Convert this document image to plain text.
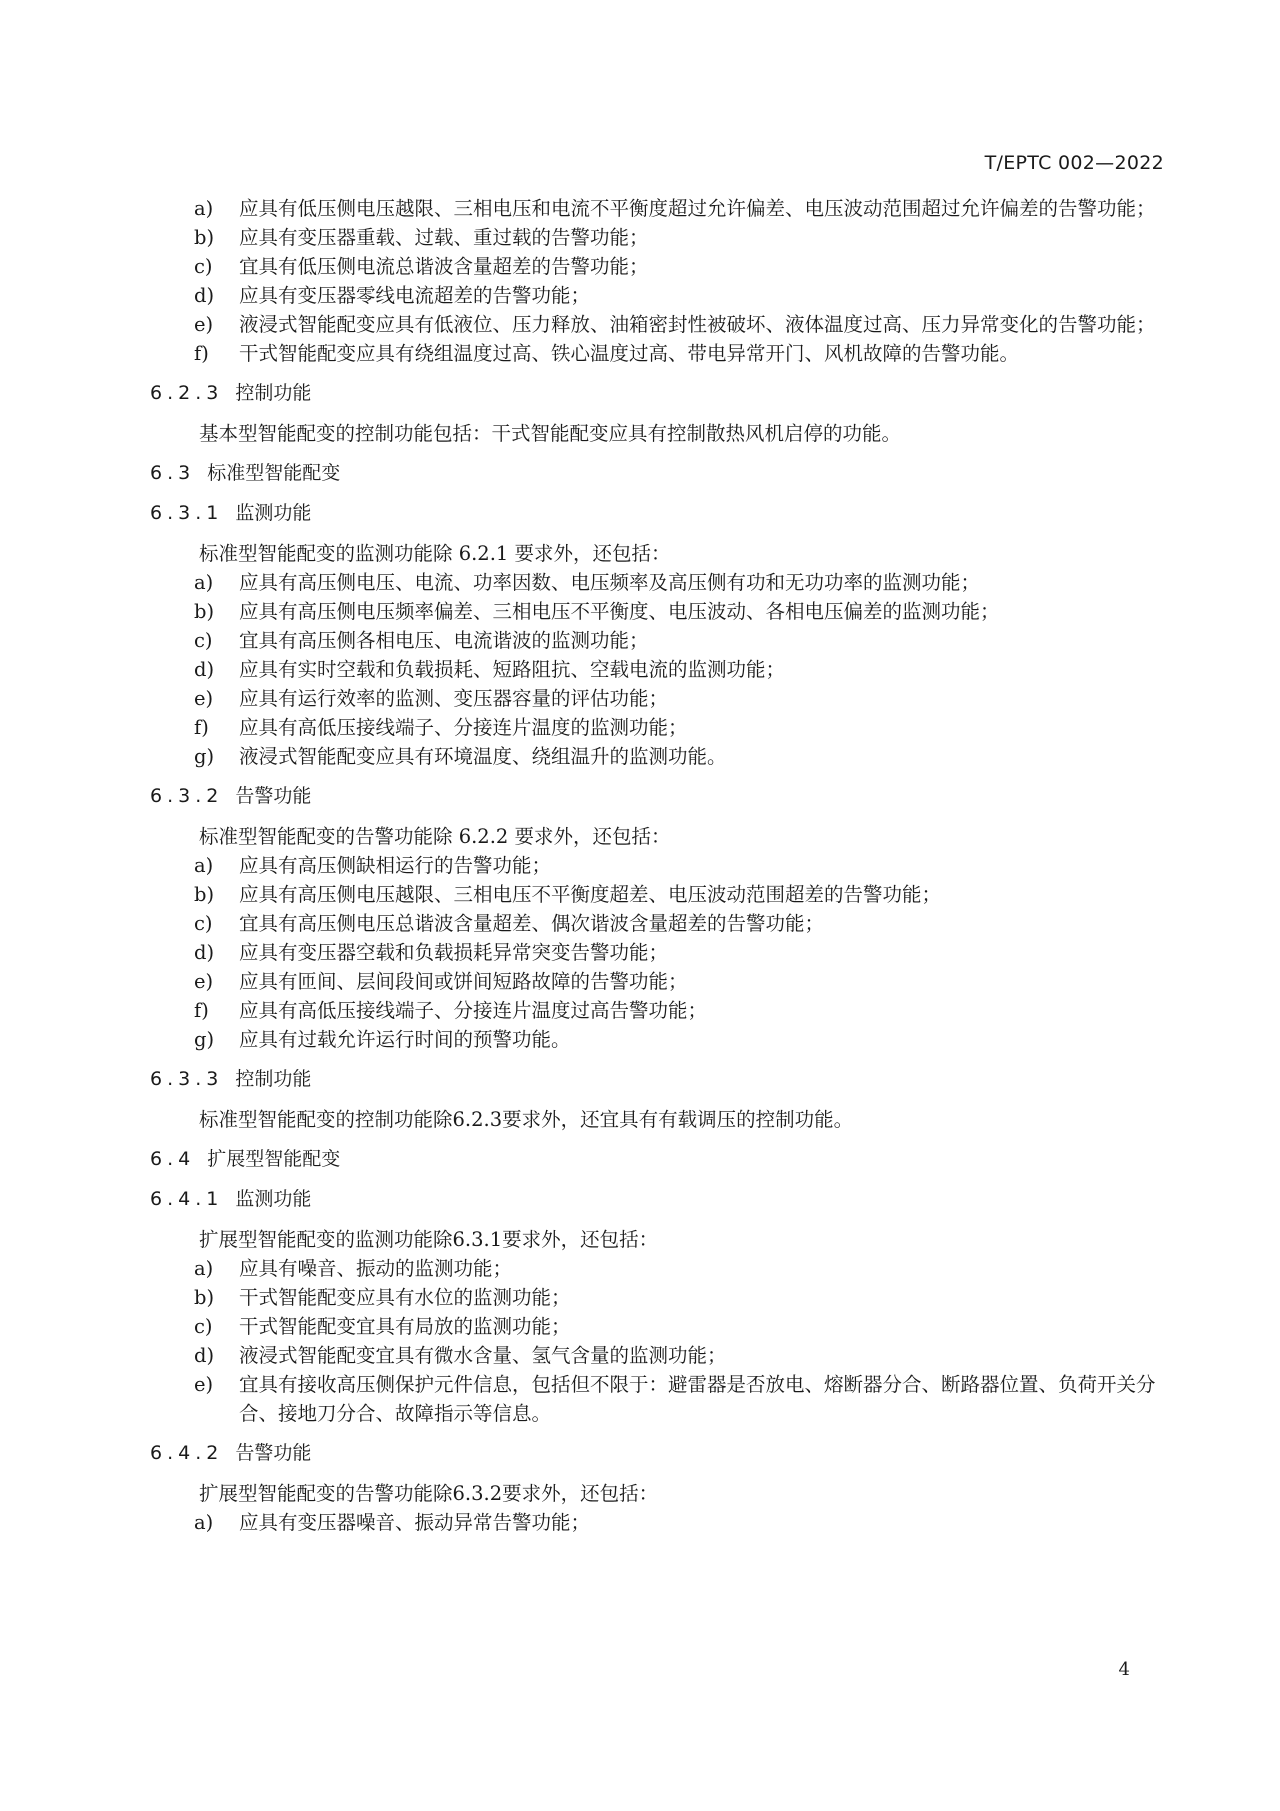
T/EPTC 002—2022
a)	应具有低压侧电压越限、三相电压和电流不平衡度超过允许偏差、电压波动范围超过允许偏差的告警功能；
b)	应具有变压器重载、过载、重过载的告警功能；
c)	宜具有低压侧电流总谐波含量超差的告警功能；
d)	应具有变压器零线电流超差的告警功能；
e)	液浸式智能配变应具有低液位、压力释放、油箱密封性被破坏、液体温度过高、压力异常变化的告警功能；
f)	干式智能配变应具有绕组温度过高、铁心温度过高、带电异常开门、风机故障的告警功能。
6.2.3 控制功能
基本型智能配变的控制功能包括：干式智能配变应具有控制散热风机启停的功能。
6.3 标准型智能配变
6.3.1 监测功能
标准型智能配变的监测功能除 6.2.1 要求外，还包括：
a)	应具有高压侧电压、电流、功率因数、电压频率及高压侧有功和无功功率的监测功能；
b)	应具有高压侧电压频率偏差、三相电压不平衡度、电压波动、各相电压偏差的监测功能；
c)	宜具有高压侧各相电压、电流谐波的监测功能；
d)	应具有实时空载和负载损耗、短路阻抗、空载电流的监测功能；
e)	应具有运行效率的监测、变压器容量的评估功能；
f)	应具有高低压接线端子、分接连片温度的监测功能；
g)	液浸式智能配变应具有环境温度、绕组温升的监测功能。
6.3.2 告警功能
标准型智能配变的告警功能除 6.2.2 要求外，还包括：
a)	应具有高压侧缺相运行的告警功能；
b)	应具有高压侧电压越限、三相电压不平衡度超差、电压波动范围超差的告警功能；
c)	宜具有高压侧电压总谐波含量超差、偶次谐波含量超差的告警功能；
d)	应具有变压器空载和负载损耗异常突变告警功能；
e)	应具有匝间、层间段间或饼间短路故障的告警功能；
f)	应具有高低压接线端子、分接连片温度过高告警功能；
g)	应具有过载允许运行时间的预警功能。
6.3.3 控制功能
标准型智能配变的控制功能除6.2.3要求外，还宜具有有载调压的控制功能。
6.4 扩展型智能配变
6.4.1 监测功能
扩展型智能配变的监测功能除6.3.1要求外，还包括：
a)	应具有噪音、振动的监测功能；
b)	干式智能配变应具有水位的监测功能；
c)	干式智能配变宜具有局放的监测功能；
d)	液浸式智能配变宜具有微水含量、氢气含量的监测功能；
e)	宜具有接收高压侧保护元件信息，包括但不限于：避雷器是否放电、熔断器分合、断路器位置、负荷开关分合、接地刀分合、故障指示等信息。
6.4.2 告警功能
扩展型智能配变的告警功能除6.3.2要求外，还包括：
a)	应具有变压器噪音、振动异常告警功能；
4
